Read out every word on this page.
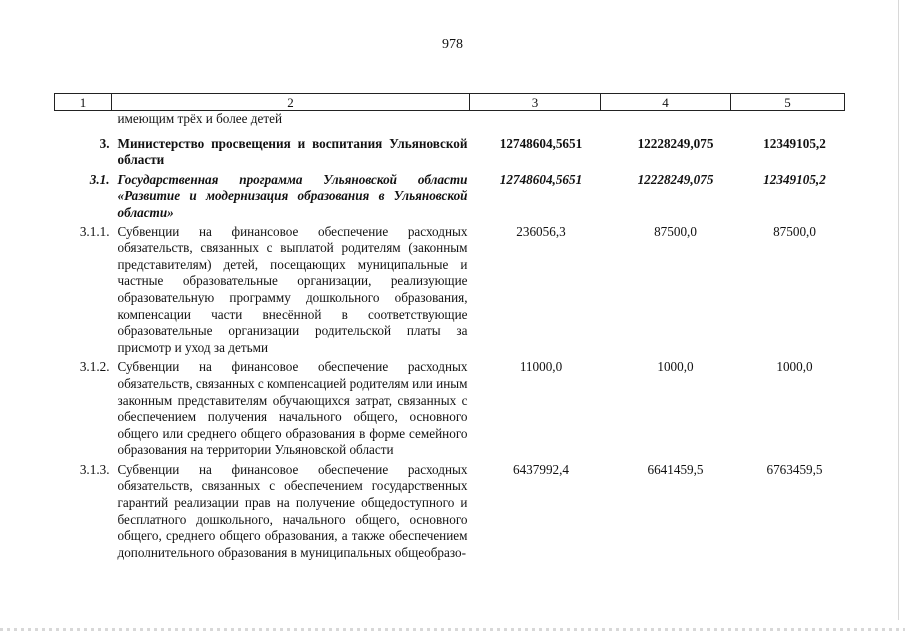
978
1	2	3	4	5
	имеющим трёх и более детей			
3.	Министерство просвещения и воспитания Ульяновской области	12748604,5651	12228249,075	12349105,2
3.1.	Государственная программа Ульяновской области «Развитие и модернизация образования в Ульяновской области»	12748604,5651	12228249,075	12349105,2
3.1.1.	Субвенции на финансовое обеспечение расходных обязательств, связанных с выплатой родителям (законным представителям) детей, посещающих муниципальные и частные образовательные организации, реализующие образовательную программу дошкольного образования, компенсации части внесённой в соответствующие образовательные организации родительской платы за присмотр и уход за детьми	236056,3	87500,0	87500,0
3.1.2.	Субвенции на финансовое обеспечение расходных обязательств, связанных с компенсацией родителям или иным законным представителям обучающихся затрат, связанных с обеспечением получения начального общего, основного общего или среднего общего образования в форме семейного образования на территории Ульяновской области	11000,0	1000,0	1000,0
3.1.3.	Субвенции на финансовое обеспечение расходных обязательств, связанных с обеспечением государственных гарантий реализации прав на получение общедоступного и бесплатного дошкольного, начального общего, основного общего, среднего общего образования, а также обеспечением дополнительного образования в муниципальных общеобразо-	6437992,4	6641459,5	6763459,5
